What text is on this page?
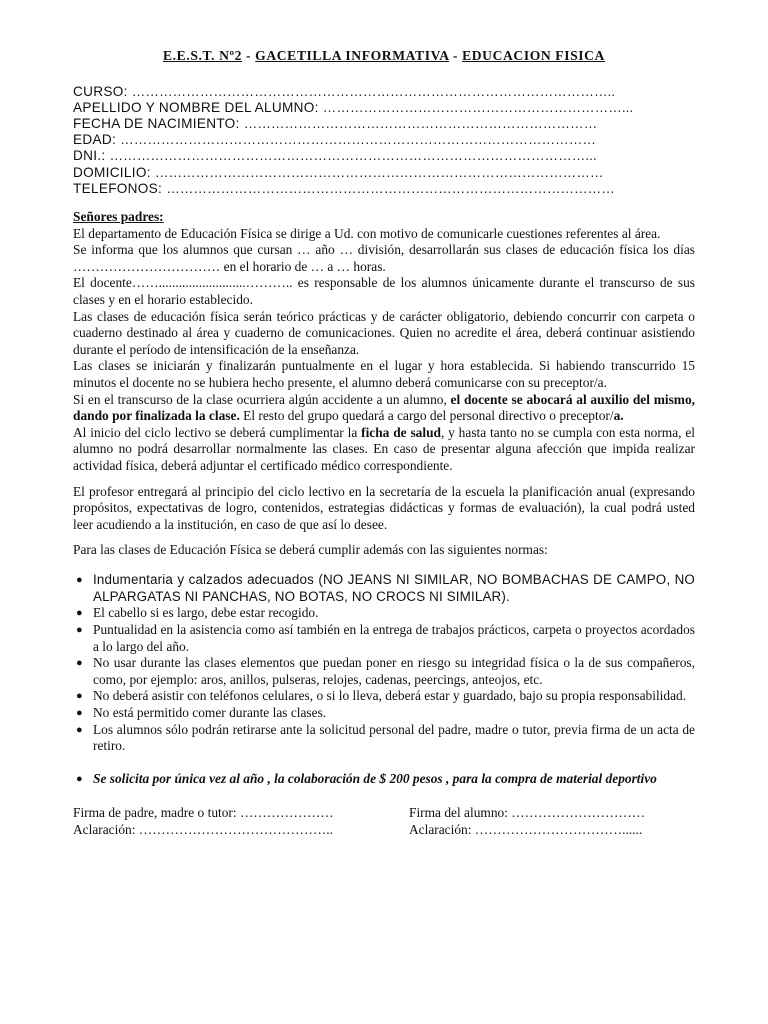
E.E.S.T. Nº2 - GACETILLA INFORMATIVA - EDUCACION FISICA
CURSO: ……………………………………………………………………………………………..
APELLIDO Y NOMBRE DEL ALUMNO: …………………………………………………………...
FECHA DE NACIMIENTO: ……………………………………………………………………
EDAD: ……………………………………………………………………………………………
DNI.: ……………………………………………………………………………………………...
DOMICILIO: ………………………………………………………………………………………
TELEFONOS: ………………………………………………………………………………………
Señores padres:

El departamento de Educación Física se dirige a Ud. con motivo de comunicarle cuestiones referentes al área.

Se informa que los alumnos que cursan … año … división, desarrollarán sus clases de educación física los días …………………………… en el horario de … a … horas.

El docente……..........................……….. es responsable de los alumnos únicamente durante el transcurso de sus clases y en el horario establecido.

Las clases de educación física serán teórico prácticas y de carácter obligatorio, debiendo concurrir con carpeta o cuaderno destinado al área y cuaderno de comunicaciones. Quien no acredite el área, deberá continuar asistiendo durante el período de intensificación de la enseñanza.

Las clases se iniciarán y finalizarán puntualmente en el lugar y hora establecida. Si habiendo transcurrido 15 minutos el docente no se hubiera hecho presente, el alumno deberá comunicarse con su preceptor/a.

Si en el transcurso de la clase ocurriera algún accidente a un alumno, el docente se abocará al auxilio del mismo, dando por finalizada la clase. El resto del grupo quedará a cargo del personal directivo o preceptor/a.

Al inicio del ciclo lectivo se deberá cumplimentar la ficha de salud, y hasta tanto no se cumpla con esta norma, el alumno no podrá desarrollar normalmente las clases. En caso de presentar alguna afección que impida realizar actividad física, deberá adjuntar el certificado médico correspondiente.

El profesor entregará al principio del ciclo lectivo en la secretaría de la escuela la planificación anual (expresando propósitos, expectativas de logro, contenidos, estrategias didácticas y formas de evaluación), la cual podrá usted leer acudiendo a la institución, en caso de que así lo desee.

Para las clases de Educación Física se deberá cumplir además con las siguientes normas:

● Indumentaria y calzados adecuados (NO JEANS NI SIMILAR, NO BOMBACHAS DE CAMPO, NO ALPARGATAS NI PANCHAS, NO BOTAS, NO CROCS NI SIMILAR).
● El cabello si es largo, debe estar recogido.
● Puntualidad en la asistencia como así también en la entrega de trabajos prácticos, carpeta o proyectos acordados a lo largo del año.
● No usar durante las clases elementos que puedan poner en riesgo su integridad física o la de sus compañeros, como, por ejemplo: aros, anillos, pulseras, relojes, cadenas, peercings, anteojos, etc.
● No deberá asistir con teléfonos celulares, o si lo lleva, deberá estar y guardado, bajo su propia responsabilidad.
● No está permitido comer durante las clases.
● Los alumnos sólo podrán retirarse ante la solicitud personal del padre, madre o tutor, previa firma de un acta de retiro.
● Se solicita por única vez al año , la colaboración de $ 200 pesos , para la compra de material deportivo
Firma de padre, madre o tutor: …………………
Aclaración: ……………………………………..
Firma del alumno: …………………………
Aclaración: ……………………………......
